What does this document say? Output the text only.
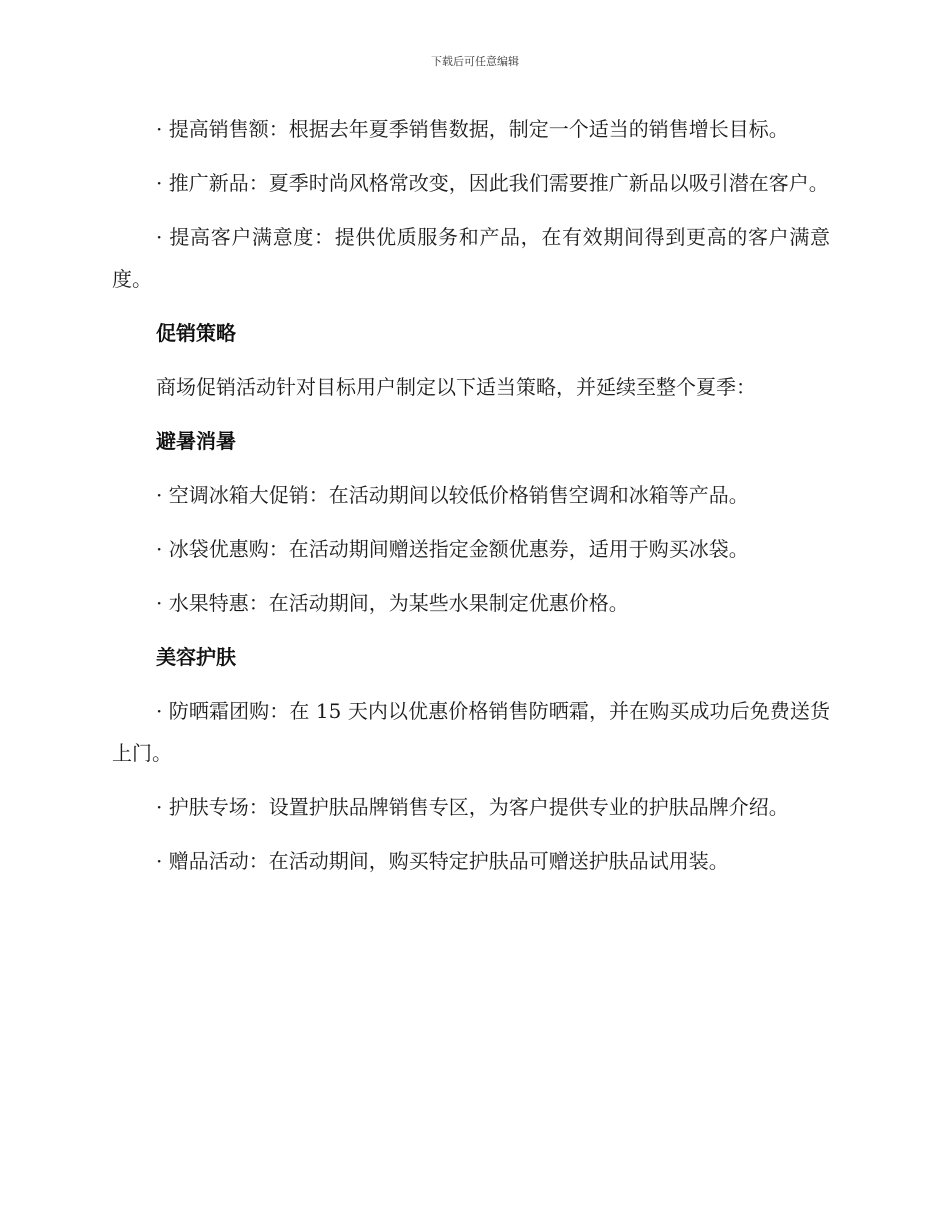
下载后可任意编辑

· 提高销售额：根据去年夏季销售数据，制定一个适当的销售增长目标。

· 推广新品：夏季时尚风格常改变，因此我们需要推广新品以吸引潜在客户。

· 提高客户满意度：提供优质服务和产品，在有效期间得到更高的客户满意度。

促销策略

商场促销活动针对目标用户制定以下适当策略，并延续至整个夏季：

避暑消暑

· 空调冰箱大促销：在活动期间以较低价格销售空调和冰箱等产品。

· 冰袋优惠购：在活动期间赠送指定金额优惠券，适用于购买冰袋。

· 水果特惠：在活动期间，为某些水果制定优惠价格。

美容护肤

· 防晒霜团购：在 15 天内以优惠价格销售防晒霜，并在购买成功后免费送货上门。

· 护肤专场：设置护肤品牌销售专区，为客户提供专业的护肤品牌介绍。

· 赠品活动：在活动期间，购买特定护肤品可赠送护肤品试用装。
